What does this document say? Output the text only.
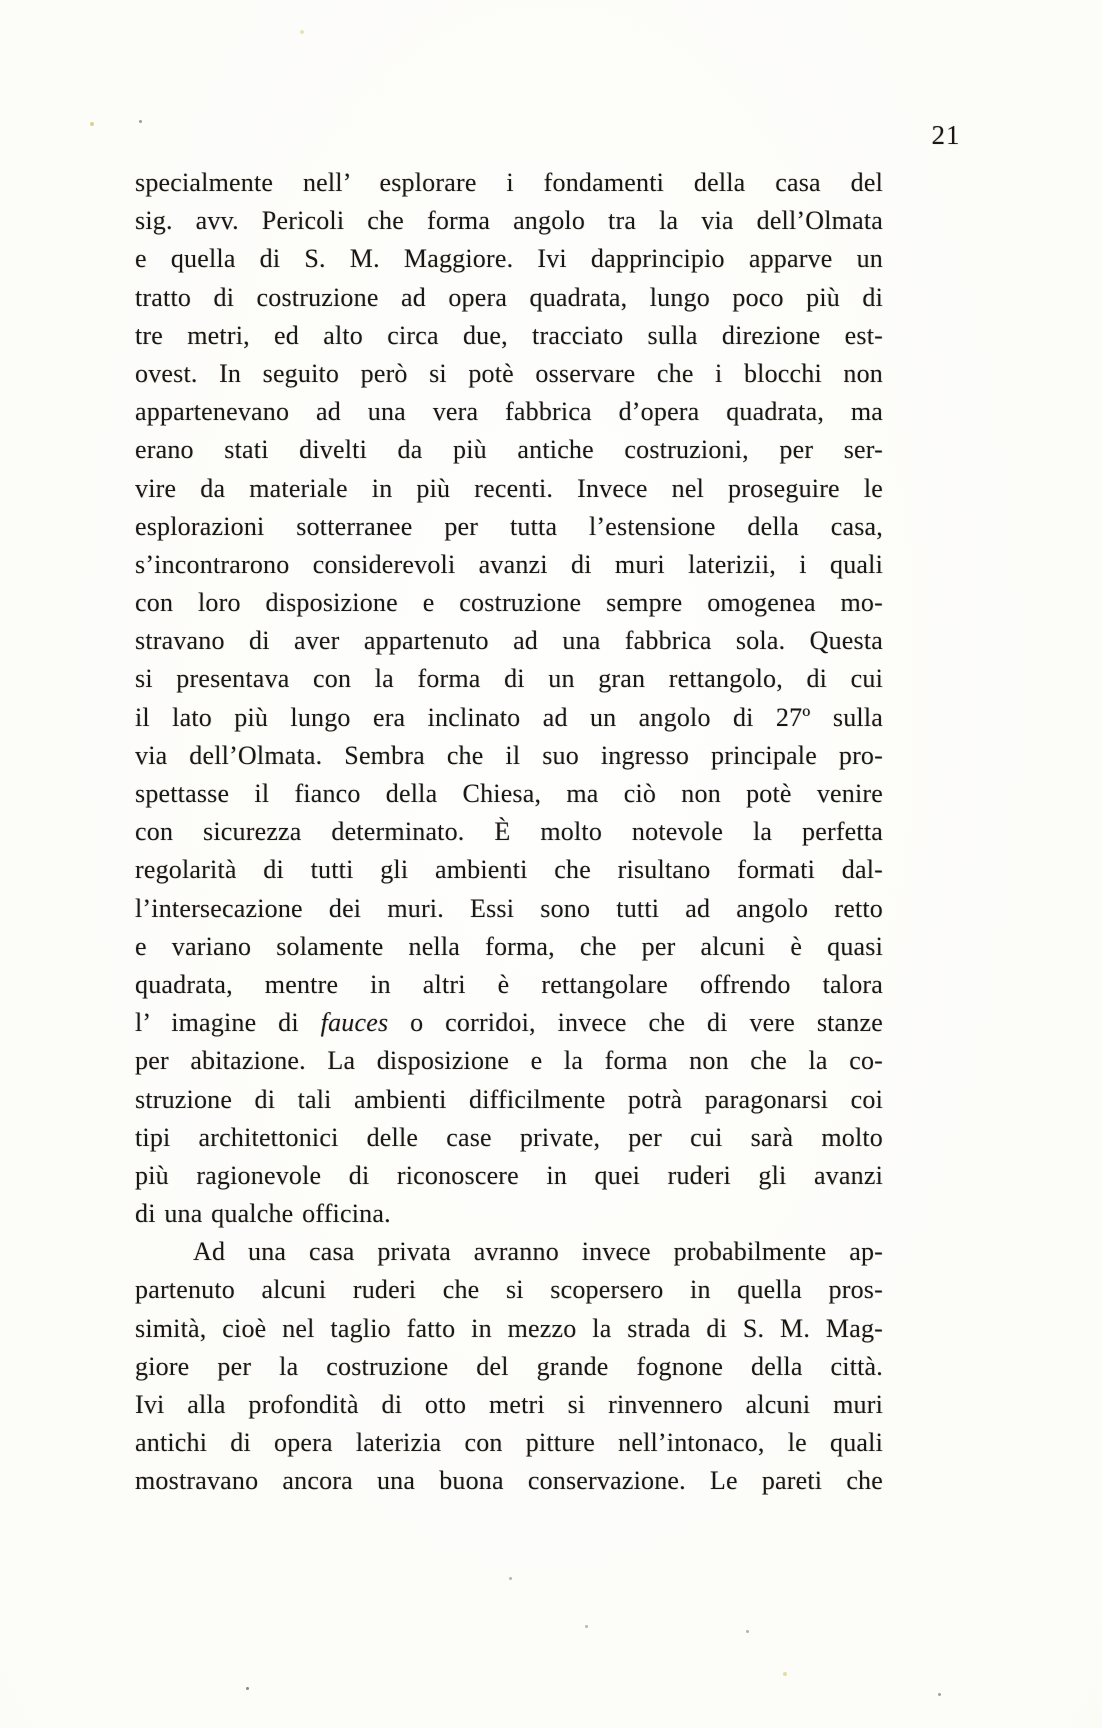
21
specialmente nell’ esplorare i fondamenti della casa del
sig. avv. Pericoli che forma angolo tra la via dell’Olmata
e quella di S. M. Maggiore. Ivi dapprincipio apparve un
tratto di costruzione ad opera quadrata, lungo poco più di
tre metri, ed alto circa due, tracciato sulla direzione est-
ovest. In seguito però si potè osservare che i blocchi non
appartenevano ad una vera fabbrica d’opera quadrata, ma
erano stati divelti da più antiche costruzioni, per ser-
vire da materiale in più recenti. Invece nel proseguire le
esplorazioni sotterranee per tutta l’estensione della casa,
s’incontrarono considerevoli avanzi di muri laterizii, i quali
con loro disposizione e costruzione sempre omogenea mo-
stravano di aver appartenuto ad una fabbrica sola. Questa
si presentava con la forma di un gran rettangolo, di cui
il lato più lungo era inclinato ad un angolo di 27º sulla
via dell’Olmata. Sembra che il suo ingresso principale pro-
spettasse il fianco della Chiesa, ma ciò non potè venire
con sicurezza determinato. È molto notevole la perfetta
regolarità di tutti gli ambienti che risultano formati dal-
l’intersecazione dei muri. Essi sono tutti ad angolo retto
e variano solamente nella forma, che per alcuni è quasi
quadrata, mentre in altri è rettangolare offrendo talora
l’ imagine di fauces o corridoi, invece che di vere stanze
per abitazione. La disposizione e la forma non che la co-
struzione di tali ambienti difficilmente potrà paragonarsi coi
tipi architettonici delle case private, per cui sarà molto
più ragionevole di riconoscere in quei ruderi gli avanzi
di una qualche officina.
Ad una casa privata avranno invece probabilmente ap-
partenuto alcuni ruderi che si scopersero in quella pros-
simità, cioè nel taglio fatto in mezzo la strada di S. M. Mag-
giore per la costruzione del grande fognone della città.
Ivi alla profondità di otto metri si rinvennero alcuni muri
antichi di opera laterizia con pitture nell’intonaco, le quali
mostravano ancora una buona conservazione. Le pareti che
